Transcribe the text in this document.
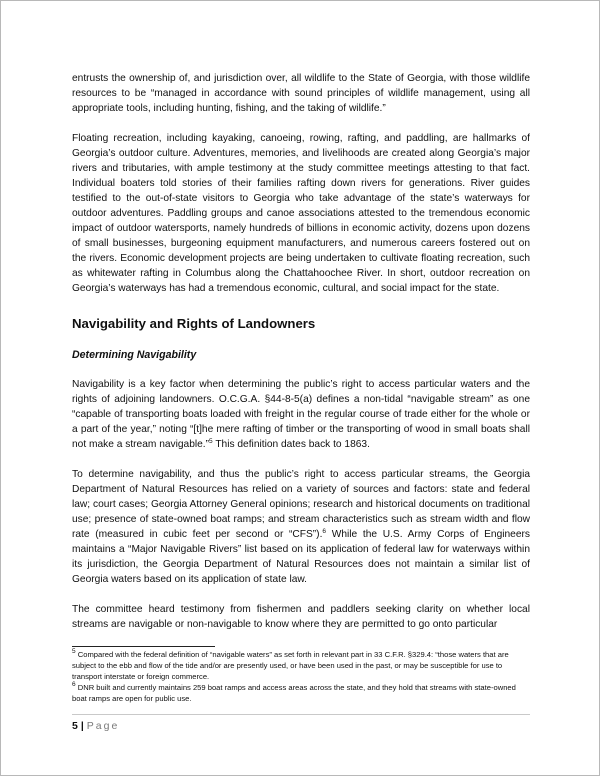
entrusts the ownership of, and jurisdiction over, all wildlife to the State of Georgia, with those wildlife resources to be “managed in accordance with sound principles of wildlife management, using all appropriate tools, including hunting, fishing, and the taking of wildlife.”

Floating recreation, including kayaking, canoeing, rowing, rafting, and paddling, are hallmarks of Georgia’s outdoor culture. Adventures, memories, and livelihoods are created along Georgia’s major rivers and tributaries, with ample testimony at the study committee meetings attesting to that fact. Individual boaters told stories of their families rafting down rivers for generations. River guides testified to the out-of-state visitors to Georgia who take advantage of the state’s waterways for outdoor adventures. Paddling groups and canoe associations attested to the tremendous economic impact of outdoor watersports, namely hundreds of billions in economic activity, dozens upon dozens of small businesses, burgeoning equipment manufacturers, and numerous careers fostered out on the rivers. Economic development projects are being undertaken to cultivate floating recreation, such as whitewater rafting in Columbus along the Chattahoochee River. In short, outdoor recreation on Georgia’s waterways has had a tremendous economic, cultural, and social impact for the state.

Navigability and Rights of Landowners
Determining Navigability

Navigability is a key factor when determining the public’s right to access particular waters and the rights of adjoining landowners. O.C.G.A. §44-8-5(a) defines a non-tidal “navigable stream” as one “capable of transporting boats loaded with freight in the regular course of trade either for the whole or a part of the year,” noting “[t]he mere rafting of timber or the transporting of wood in small boats shall not make a stream navigable.”$^5$ This definition dates back to 1863.

To determine navigability, and thus the public’s right to access particular streams, the Georgia Department of Natural Resources has relied on a variety of sources and factors: state and federal law; court cases; Georgia Attorney General opinions; research and historical documents on traditional use; presence of state-owned boat ramps; and stream characteristics such as stream width and flow rate (measured in cubic feet per second or “CFS”).$^6$ While the U.S. Army Corps of Engineers maintains a “Major Navigable Rivers” list based on its application of federal law for waterways within its jurisdiction, the Georgia Department of Natural Resources does not maintain a similar list of Georgia waters based on its application of state law.

The committee heard testimony from fishermen and paddlers seeking clarity on whether local streams are navigable or non-navigable to know where they are permitted to go onto particular

$^5$ Compared with the federal definition of “navigable waters” as set forth in relevant part in 33 C.F.R. §329.4: “those waters that are subject to the ebb and flow of the tide and/or are presently used, or have been used in the past, or may be susceptible for use to transport interstate or foreign commerce.

$^6$ DNR built and currently maintains 259 boat ramps and access areas across the state, and they hold that streams with state-owned boat ramps are open for public use.

5 | Page
